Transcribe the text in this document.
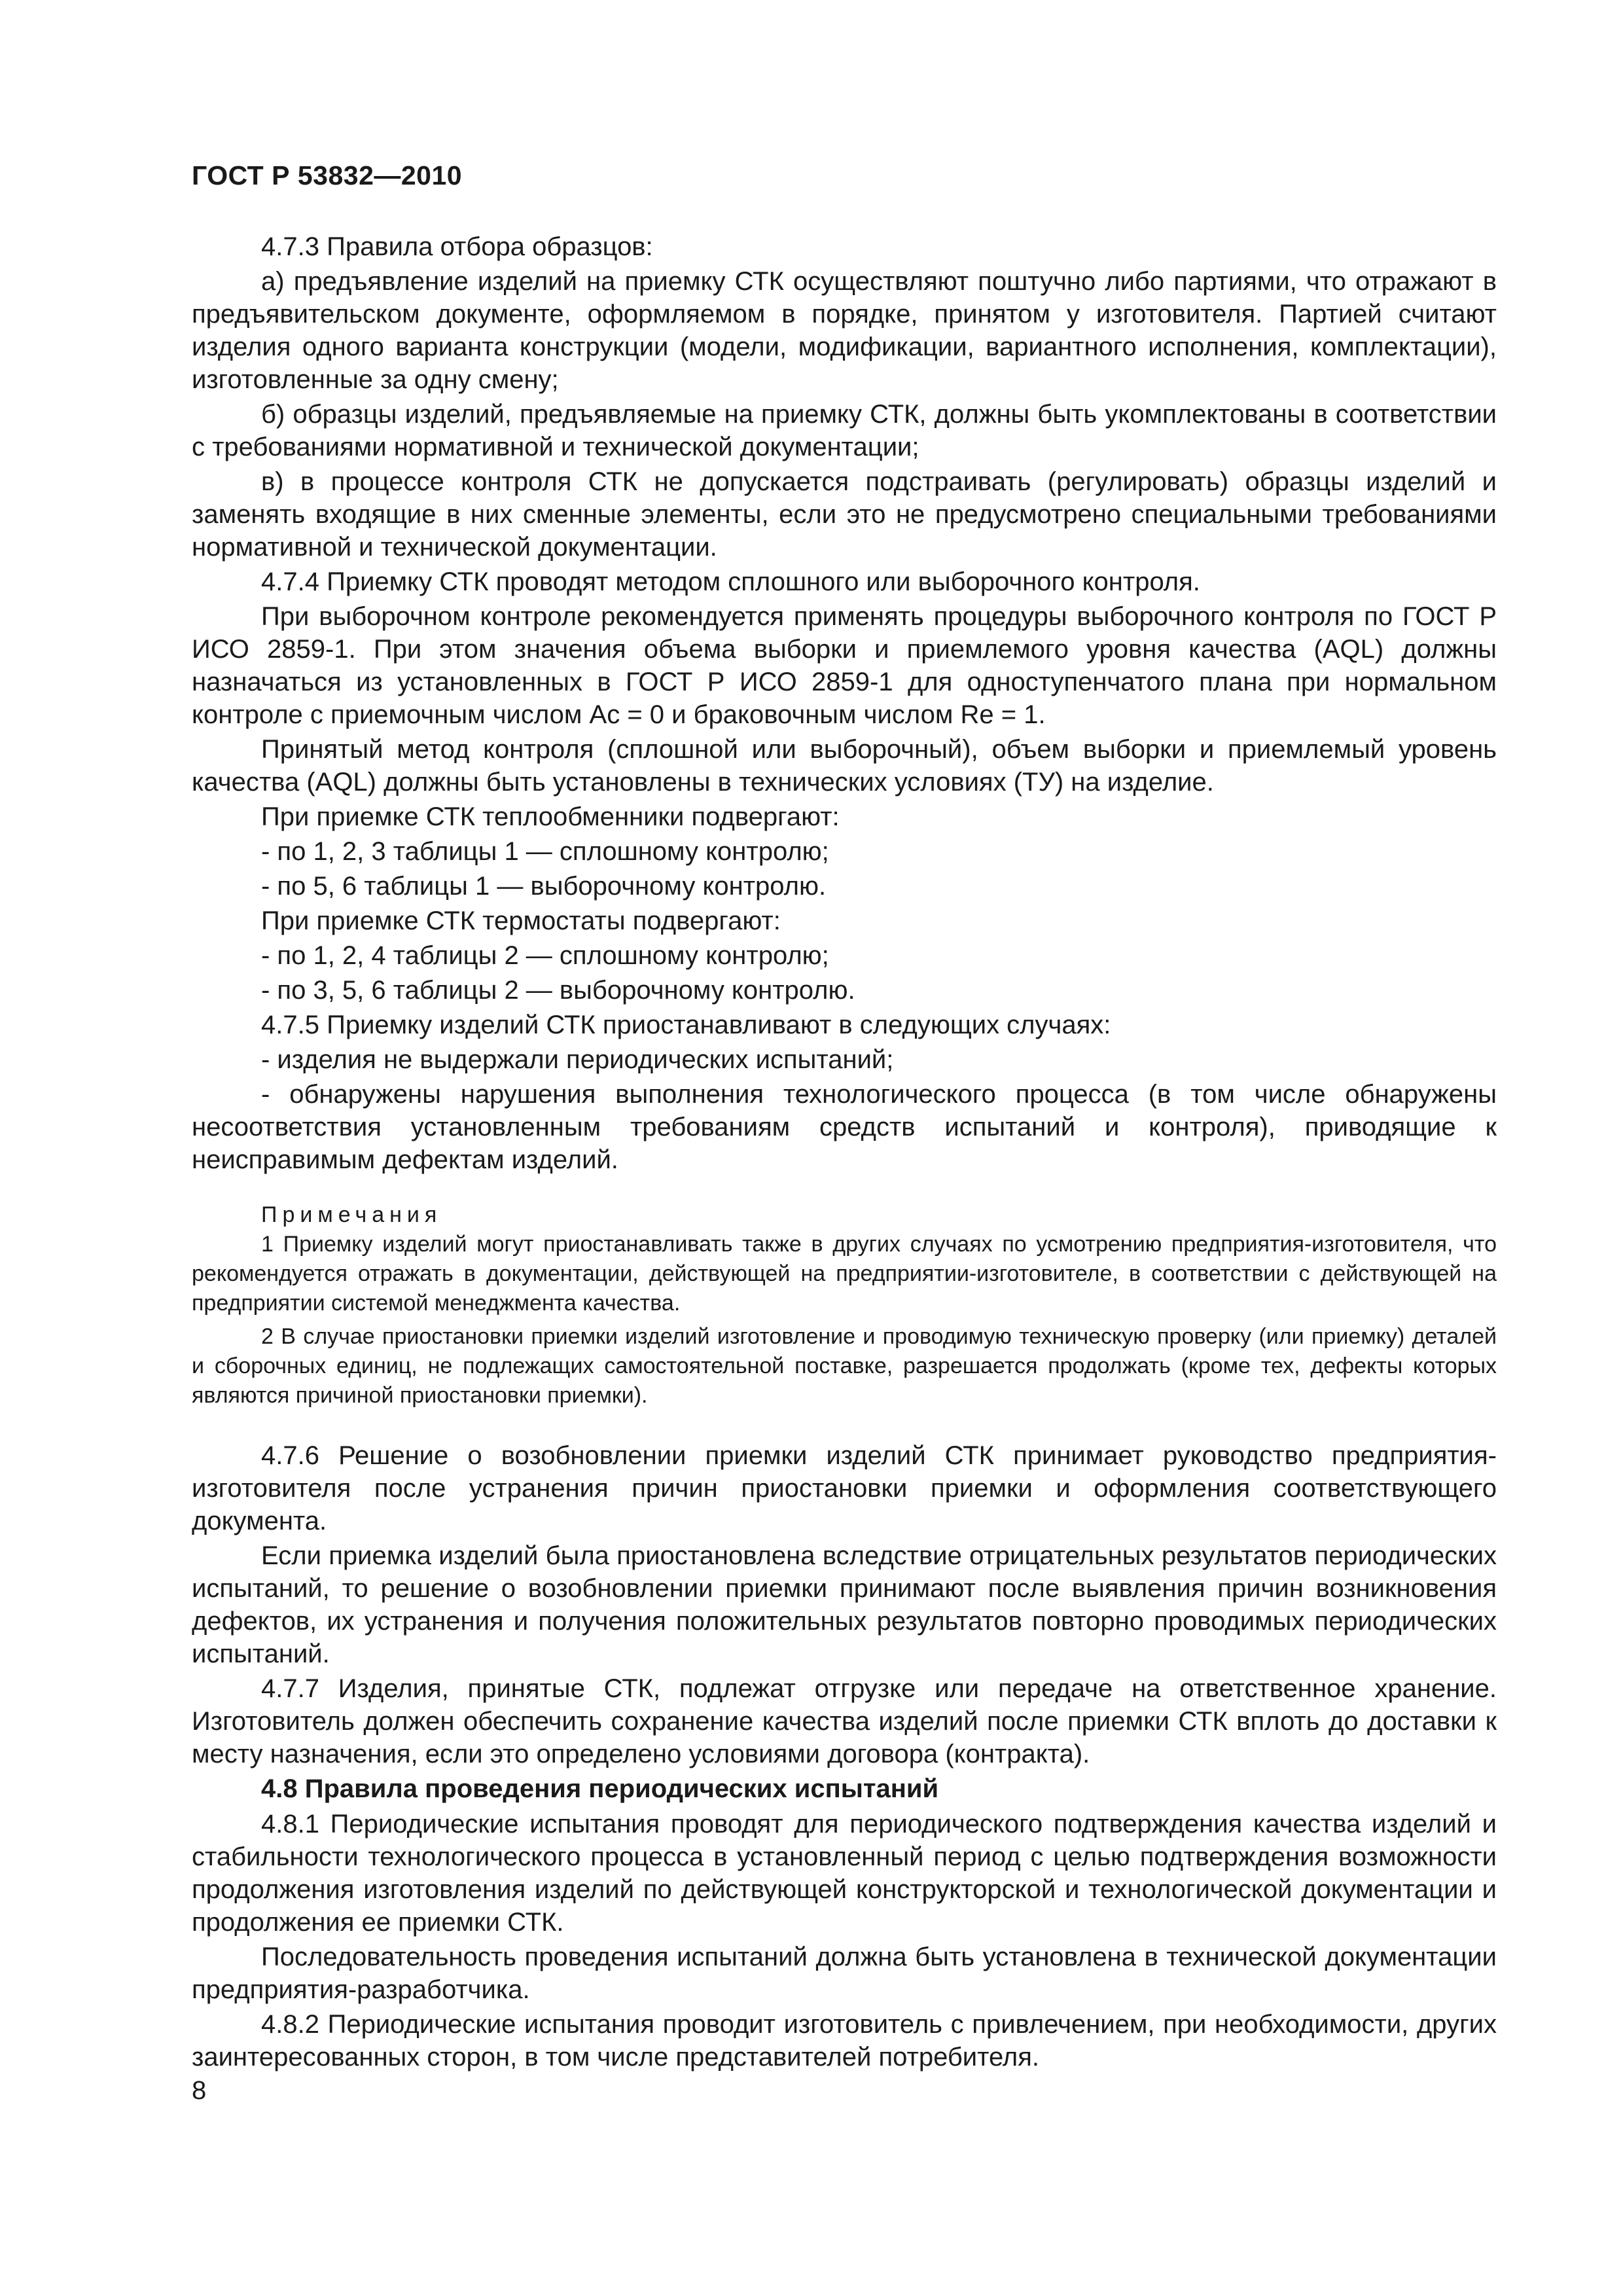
ГОСТ Р 53832—2010

4.7.3 Правила отбора образцов:

а) предъявление изделий на приемку СТК осуществляют поштучно либо партиями, что отражают в предъявительском документе, оформляемом в порядке, принятом у изготовителя. Партией считают изделия одного варианта конструкции (модели, модификации, вариантного исполнения, комплектации), изготовленные за одну смену;

б) образцы изделий, предъявляемые на приемку СТК, должны быть укомплектованы в соответствии с требованиями нормативной и технической документации;

в) в процессе контроля СТК не допускается подстраивать (регулировать) образцы изделий и заменять входящие в них сменные элементы, если это не предусмотрено специальными требованиями нормативной и технической документации.

4.7.4 Приемку СТК проводят методом сплошного или выборочного контроля.

При выборочном контроле рекомендуется применять процедуры выборочного контроля по ГОСТ Р ИСО 2859-1. При этом значения объема выборки и приемлемого уровня качества (AQL) должны назначаться из установленных в ГОСТ Р ИСО 2859-1 для одноступенчатого плана при нормальном контроле с приемочным числом Ас = 0 и браковочным числом Re = 1.

Принятый метод контроля (сплошной или выборочный), объем выборки и приемлемый уровень качества (AQL) должны быть установлены в технических условиях (ТУ) на изделие.

При приемке СТК теплообменники подвергают:

- по 1, 2, 3 таблицы 1 — сплошному контролю;

- по 5, 6 таблицы 1 — выборочному контролю.

При приемке СТК термостаты подвергают:

- по 1, 2, 4 таблицы 2 — сплошному контролю;

- по 3, 5, 6 таблицы 2 — выборочному контролю.

4.7.5 Приемку изделий СТК приостанавливают в следующих случаях:

- изделия не выдержали периодических испытаний;

- обнаружены нарушения выполнения технологического процесса (в том числе обнаружены несоответствия установленным требованиям средств испытаний и контроля), приводящие к неисправимым дефектам изделий.

Примечания

1 Приемку изделий могут приостанавливать также в других случаях по усмотрению предприятия-изготовителя, что рекомендуется отражать в документации, действующей на предприятии-изготовителе, в соответствии с действующей на предприятии системой менеджмента качества.

2 В случае приостановки приемки изделий изготовление и проводимую техническую проверку (или приемку) деталей и сборочных единиц, не подлежащих самостоятельной поставке, разрешается продолжать (кроме тех, дефекты которых являются причиной приостановки приемки).

4.7.6 Решение о возобновлении приемки изделий СТК принимает руководство предприятия-изготовителя после устранения причин приостановки приемки и оформления соответствующего документа.

Если приемка изделий была приостановлена вследствие отрицательных результатов периодических испытаний, то решение о возобновлении приемки принимают после выявления причин возникновения дефектов, их устранения и получения положительных результатов повторно проводимых периодических испытаний.

4.7.7 Изделия, принятые СТК, подлежат отгрузке или передаче на ответственное хранение. Изготовитель должен обеспечить сохранение качества изделий после приемки СТК вплоть до доставки к месту назначения, если это определено условиями договора (контракта).

4.8 Правила проведения периодических испытаний

4.8.1 Периодические испытания проводят для периодического подтверждения качества изделий и стабильности технологического процесса в установленный период с целью подтверждения возможности продолжения изготовления изделий по действующей конструкторской и технологической документации и продолжения ее приемки СТК.

Последовательность проведения испытаний должна быть установлена в технической документации предприятия-разработчика.

4.8.2 Периодические испытания проводит изготовитель с привлечением, при необходимости, других заинтересованных сторон, в том числе представителей потребителя.

8
